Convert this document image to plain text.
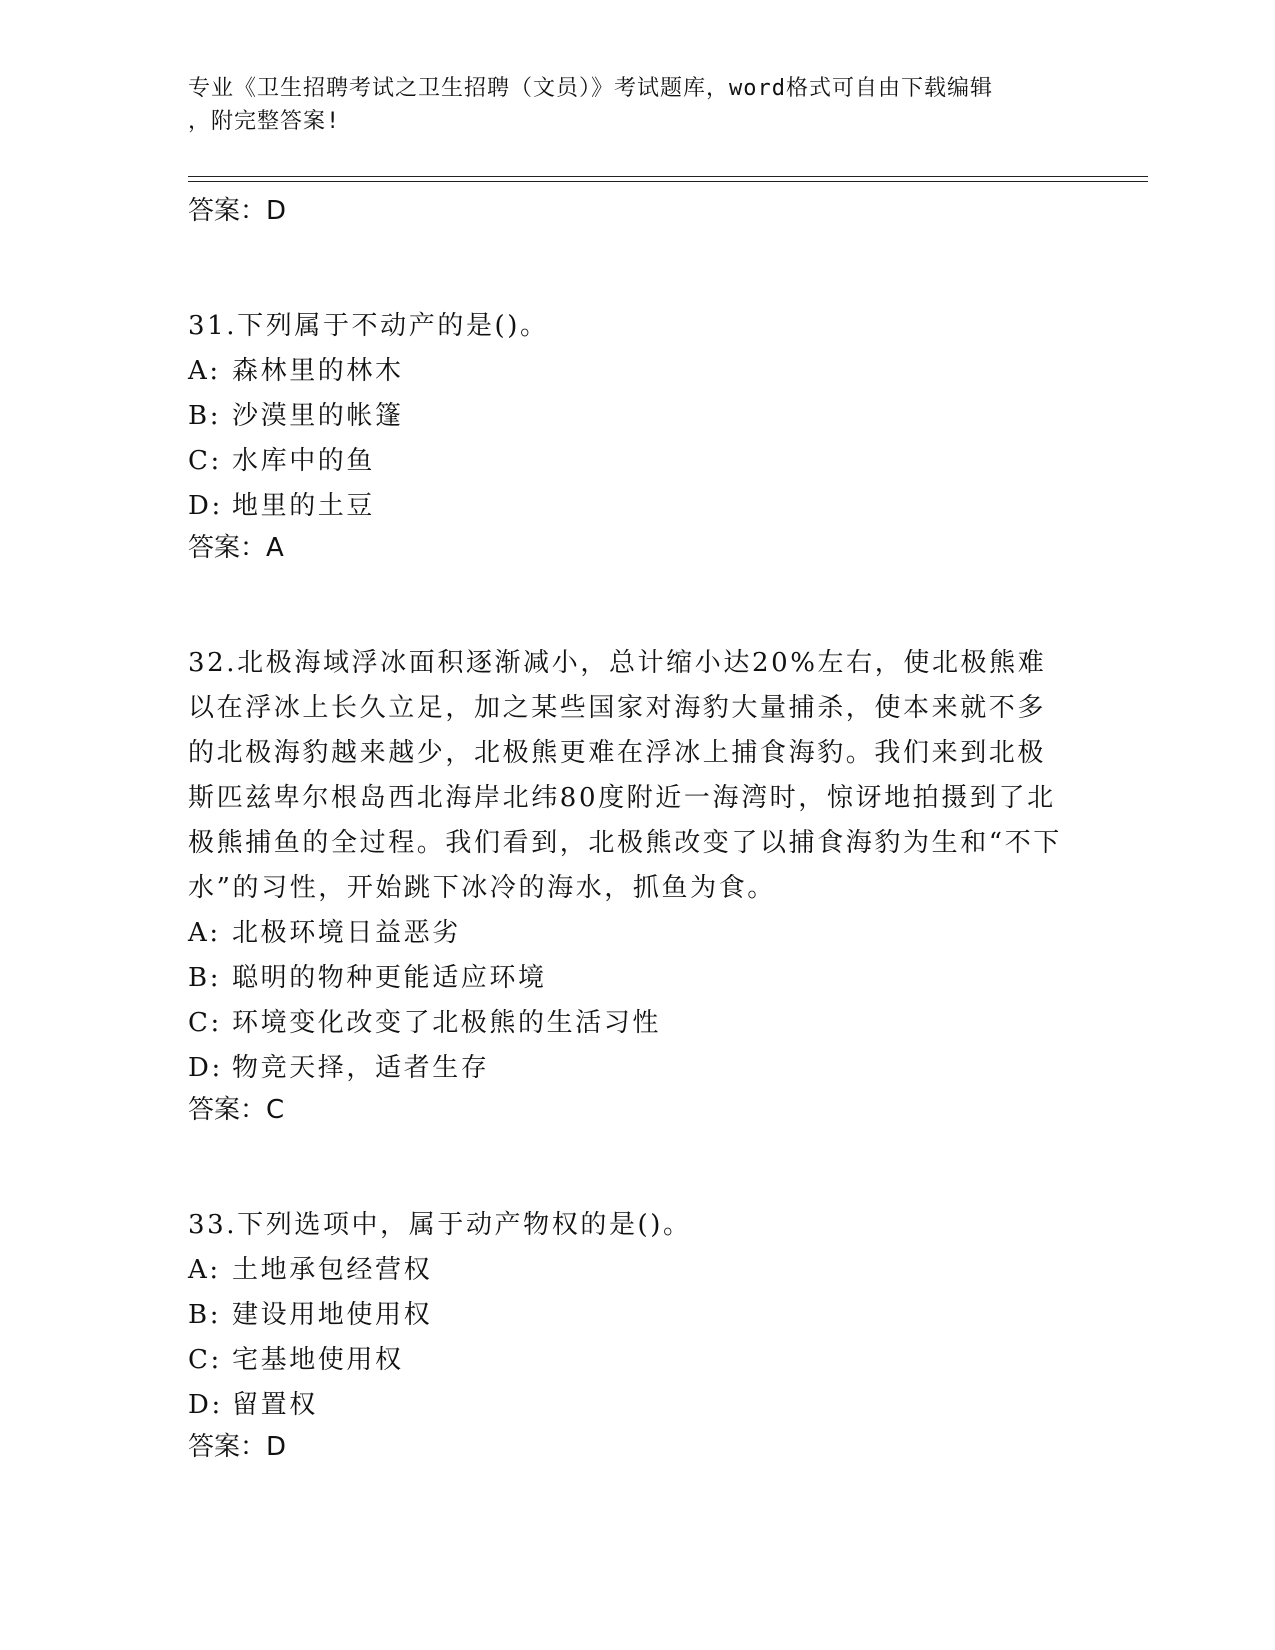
专业《卫生招聘考试之卫生招聘（文员）》考试题库，word格式可自由下载编辑
，附完整答案!
答案：D
31.下列属于不动产的是()。
A: 森林里的林木
B: 沙漠里的帐篷
C: 水库中的鱼
D: 地里的土豆
答案：A
32.北极海域浮冰面积逐渐减小，总计缩小达20%左右，使北极熊难以在浮冰上长久立足，加之某些国家对海豹大量捕杀，使本来就不多的北极海豹越来越少，北极熊更难在浮冰上捕食海豹。我们来到北极斯匹兹卑尔根岛西北海岸北纬80度附近一海湾时，惊讶地拍摄到了北极熊捕鱼的全过程。我们看到，北极熊改变了以捕食海豹为生和“不下水”的习性，开始跳下冰冷的海水，抓鱼为食。
A: 北极环境日益恶劣
B: 聪明的物种更能适应环境
C: 环境变化改变了北极熊的生活习性
D: 物竞天择，适者生存
答案：C
33.下列选项中，属于动产物权的是()。
A: 土地承包经营权
B: 建设用地使用权
C: 宅基地使用权
D: 留置权
答案：D
